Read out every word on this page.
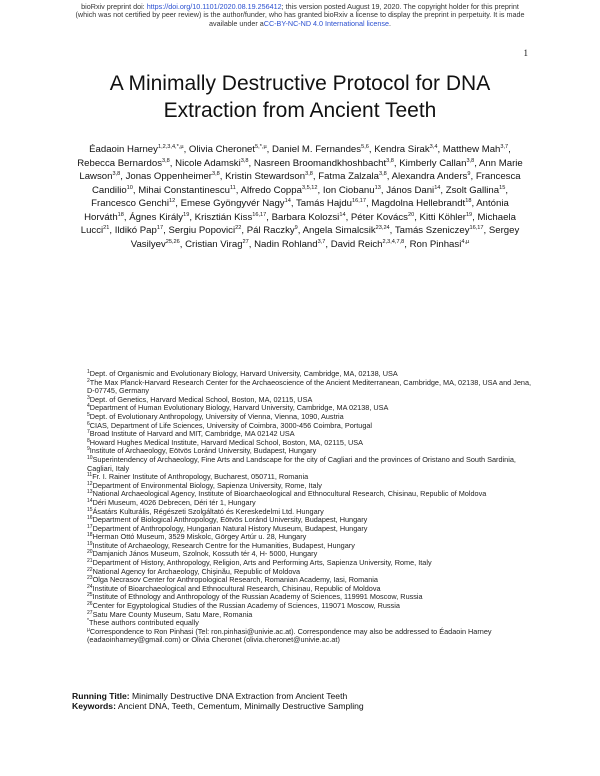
bioRxiv preprint doi: https://doi.org/10.1101/2020.08.19.256412; this version posted August 19, 2020. The copyright holder for this preprint
(which was not certified by peer review) is the author/funder, who has granted bioRxiv a license to display the preprint in perpetuity. It is made
available under aCC-BY-NC-ND 4.0 International license.
1
A Minimally Destructive Protocol for DNA
Extraction from Ancient Teeth
Éadaoin Harney$^{1,2,3,4,*,\mu}$, Olivia Cheronet$^{5,*,\mu}$, Daniel M. Fernandes$^{5,6}$, Kendra Sirak$^{3,4}$, Matthew Mah$^{3,7}$, Rebecca Bernardos$^{3,8}$, Nicole Adamski$^{3,8}$, Nasreen Broomandkhoshbacht$^{3,8}$, Kimberly Callan$^{3,8}$, Ann Marie Lawson$^{3,8}$, Jonas Oppenheimer$^{3,8}$, Kristin Stewardson$^{3,8}$, Fatma Zalzala$^{3,8}$, Alexandra Anders$^9$, Francesca Candilio$^{10}$, Mihai Constantinescu$^{11}$, Alfredo Coppa$^{3,5,12}$, Ion Ciobanu$^{13}$, János Dani$^{14}$, Zsolt Gallina$^{15}$, Francesco Genchi$^{12}$, Emese Gyöngyvér Nagy$^{14}$, Tamás Hajdu$^{16,17}$, Magdolna Hellebrandt$^{18}$, Antónia Horváth$^{18}$, Ágnes Király$^{19}$, Krisztián Kiss$^{16,17}$, Barbara Kolozsi$^{14}$, Péter Kovács$^{20}$, Kitti Köhler$^{19}$, Michaela Lucci$^{21}$, Ildikó Pap$^{17}$, Sergiu Popovici$^{22}$, Pál Raczky$^9$, Angela Simalcsik$^{23,24}$, Tamás Szeniczey$^{16,17}$, Sergey Vasilyev$^{25,26}$, Cristian Virag$^{27}$, Nadin Rohland$^{3,7}$, David Reich$^{2,3,4,7,8}$, Ron Pinhasi$^{4,\mu}$
$^1$Dept. of Organismic and Evolutionary Biology, Harvard University, Cambridge, MA, 02138, USA
$^2$The Max Planck-Harvard Research Center for the Archaeoscience of the Ancient Mediterranean, Cambridge, MA, 02138, USA and Jena, D-07745, Germany
$^3$Dept. of Genetics, Harvard Medical School, Boston, MA, 02115, USA
$^4$Department of Human Evolutionary Biology, Harvard University, Cambridge, MA 02138, USA
$^5$Dept. of Evolutionary Anthropology, University of Vienna, Vienna, 1090, Austria
$^6$CIAS, Department of Life Sciences, University of Coimbra, 3000-456 Coimbra, Portugal
$^7$Broad Institute of Harvard and MIT, Cambridge, MA 02142 USA
$^8$Howard Hughes Medical Institute, Harvard Medical School, Boston, MA, 02115, USA
$^9$Institute of Archaeology, Eötvös Loránd University, Budapest, Hungary
$^{10}$Superintendency of Archaeology, Fine Arts and Landscape for the city of Cagliari and the provinces of Oristano and South Sardinia, Cagliari, Italy
$^{11}$Fr. I. Rainer Institute of Anthropology, Bucharest, 050711, Romania
$^{12}$Department of Environmental Biology, Sapienza University, Rome, Italy
$^{13}$National Archaeological Agency, Institute of Bioarchaeological and Ethnocultural Research, Chisinau, Republic of Moldova
$^{14}$Déri Museum, 4026 Debrecen, Déri tér 1, Hungary
$^{15}$Ásatárs Kulturális, Régészeti Szolgáltató és Kereskedelmi Ltd. Hungary
$^{16}$Department of Biological Anthropology, Eötvös Loránd University, Budapest, Hungary
$^{17}$Department of Anthropology, Hungarian Natural History Museum, Budapest, Hungary
$^{18}$Herman Ottó Museum, 3529 Miskolc, Görgey Artúr u. 28, Hungary
$^{19}$Institute of Archaeology, Research Centre for the Humanities, Budapest, Hungary
$^{20}$Damjanich János Museum, Szolnok, Kossuth tér 4, H- 5000, Hungary
$^{21}$Department of History, Anthropology, Religion, Arts and Performing Arts, Sapienza University, Rome, Italy
$^{22}$National Agency for Archaeology, Chişinău, Republic of Moldova
$^{23}$Olga Necrasov Center for Anthropological Research, Romanian Academy, Iasi, Romania
$^{24}$Institute of Bioarchaeological and Ethnocultural Research, Chisinau, Republic of Moldova
$^{25}$Institute of Ethnology and Anthropology of the Russian Academy of Sciences, 119991 Moscow, Russia
$^{26}$Center for Egyptological Studies of the Russian Academy of Sciences, 119071 Moscow, Russia
$^{27}$Satu Mare County Museum, Satu Mare, Romania
*These authors contributed equally
$^\mu$Correspondence to Ron Pinhasi (Tel: ron.pinhasi@univie.ac.at). Correspondence may also be addressed to Éadaoin Harney (eadaoinharney@gmail.com) or Olivia Cheronet (olivia.cheronet@univie.ac.at)
Running Title: Minimally Destructive DNA Extraction from Ancient Teeth
Keywords: Ancient DNA, Teeth, Cementum, Minimally Destructive Sampling
